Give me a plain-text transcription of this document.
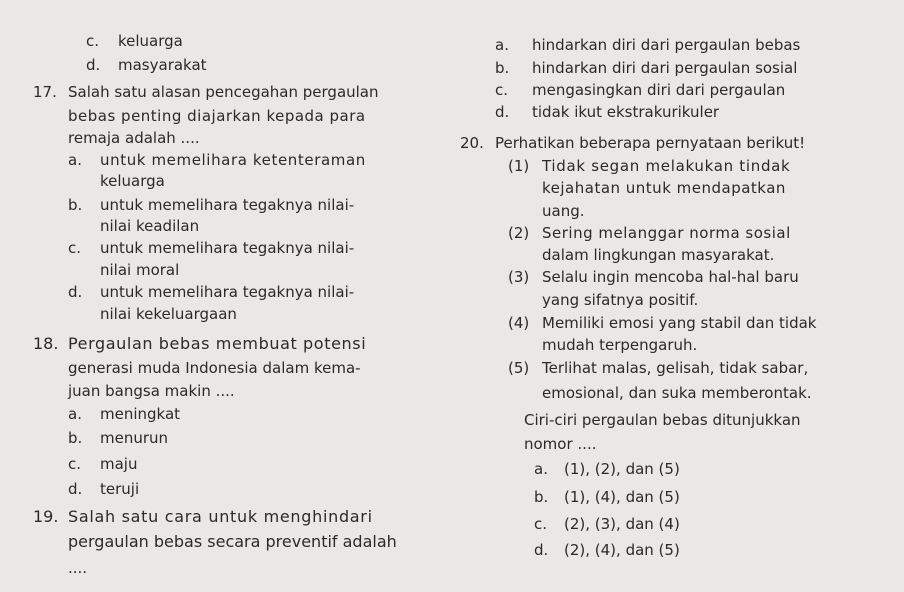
c. keluarga
d. masyarakat
17. Salah satu alasan pencegahan pergaulan
bebas penting diajarkan kepada para
remaja adalah ....
a. untuk memelihara ketenteraman
keluarga
b. untuk memelihara tegaknya nilai-
nilai keadilan
c. untuk memelihara tegaknya nilai-
nilai moral
d. untuk memelihara tegaknya nilai-
nilai kekeluargaan
18. Pergaulan bebas membuat potensi
generasi muda Indonesia dalam kema-
juan bangsa makin ....
a. meningkat
b. menurun
c. maju
d. teruji
19. Salah satu cara untuk menghindari
pergaulan bebas secara preventif adalah
....
a. hindarkan diri dari pergaulan bebas
b. hindarkan diri dari pergaulan sosial
c. mengasingkan diri dari pergaulan
d. tidak ikut ekstrakurikuler
20. Perhatikan beberapa pernyataan berikut!
(1) Tidak segan melakukan tindak
kejahatan untuk mendapatkan
uang.
(2) Sering melanggar norma sosial
dalam lingkungan masyarakat.
(3) Selalu ingin mencoba hal-hal baru
yang sifatnya positif.
(4) Memiliki emosi yang stabil dan tidak
mudah terpengaruh.
(5) Terlihat malas, gelisah, tidak sabar,
emosional, dan suka memberontak.
Ciri-ciri pergaulan bebas ditunjukkan
nomor ....
a. (1), (2), dan (5)
b. (1), (4), dan (5)
c. (2), (3), dan (4)
d. (2), (4), dan (5)
